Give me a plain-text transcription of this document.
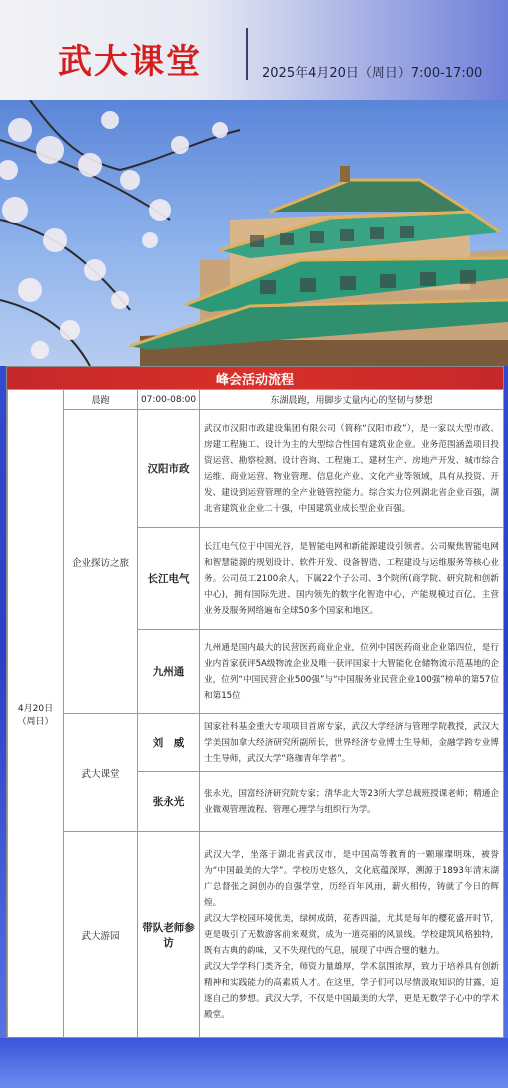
武大课堂	2025年4月20日（周日）7:00-17:00
峰会活动流程
4月20日
（周日）	晨跑	07:00-08:00	东湖晨跑，用脚步丈量内心的坚韧与梦想
	企业探访之旅	汉阳市政	武汉市汉阳市政建设集团有限公司（简称“汉阳市政”），是一家以大型市政、房建工程施工、设计为主的大型综合性国有建筑业企业。业务范围涵盖项目投资运营、勘察检测、设计咨询、工程施工、建材生产、房地产开发、城市综合运维、商业运营、物业管理、信息化产业、文化产业等领域，具有从投资、开发、建设到运营管理的全产业链管控能力。综合实力位列湖北省企业百强，湖北省建筑业企业二十强，中国建筑业成长型企业百强。
		长江电气	长江电气位于中国光谷，是智能电网和新能源建设引领者。公司聚焦智能电网和智慧能源的规划设计、软件开发、设备智造、工程建设与运维服务等核心业务。公司员工2100余人，下属22个子公司、3个院所(商学院、研究院和创新中心)，拥有国际先进、国内领先的数字化智造中心，产能规模过百亿，主营业务及服务网络遍布全球50多个国家和地区。
		九州通	九州通是国内最大的民营医药商业企业，位列中国医药商业企业第四位，是行业内首家获评5A级物流企业及唯一获评国家十大智能化仓储物流示范基地的企业，位列“中国民营企业500强”与“中国服务业民营企业100强”榜单的第57位和第15位
	武大课堂	刘　威	国家社科基金重大专项项目首席专家，武汉大学经济与管理学院教授，武汉大学美国加拿大经济研究所副所长，世界经济专业博士生导师，金融学跨专业博士生导师，武汉大学“珞珈青年学者”。
		张永光	张永光，国富经济研究院专家；清华北大等23所大学总裁班授课老师；精通企业微观管理流程、管理心理学与组织行为学。
	武大游园	带队老师参访	武汉大学，坐落于湖北省武汉市，是中国高等教育的一颗璀璨明珠，被誉为“中国最美的大学”。学校历史悠久，文化底蕴深厚，溯源于1893年清末湖广总督张之洞创办的自强学堂，历经百年风雨，薪火相传，铸就了今日的辉煌。

武汉大学校园环境优美，绿树成荫，花香四溢，尤其是每年的樱花盛开时节，更是吸引了无数游客前来观赏，成为一道亮丽的风景线。学校建筑风格独特，既有古典的韵味，又不失现代的气息，展现了中西合璧的魅力。

武汉大学学科门类齐全，师资力量雄厚，学术氛围浓厚，致力于培养具有创新精神和实践能力的高素质人才。在这里，学子们可以尽情汲取知识的甘露，追逐自己的梦想。武汉大学，不仅是中国最美的大学，更是无数学子心中的学术殿堂。
